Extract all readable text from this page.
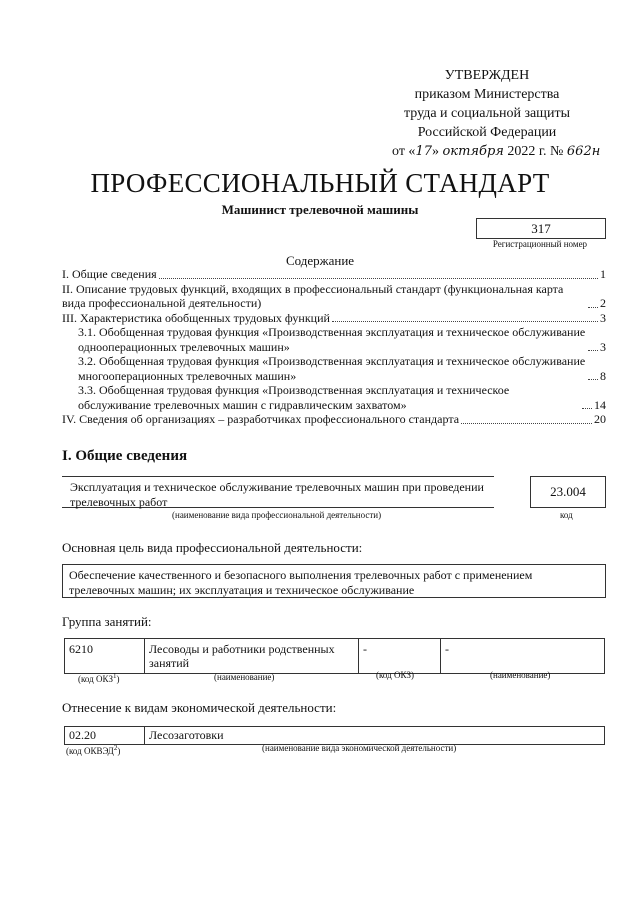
УТВЕРЖДЕН
приказом Министерства
труда и социальной защиты
Российской Федерации
от «17» октября 2022 г. № 662н
ПРОФЕССИОНАЛЬНЫЙ СТАНДАРТ
Машинист трелевочной машины
317
Регистрационный номер
Содержание
I. Общие сведения	1
II. Описание трудовых функций, входящих в профессиональный стандарт (функциональная карта вида профессиональной деятельности)	2
III. Характеристика обобщенных трудовых функций	3
3.1. Обобщенная трудовая функция «Производственная эксплуатация и техническое обслуживание однооперационных трелевочных машин»	3
3.2. Обобщенная трудовая функция «Производственная эксплуатация и техническое обслуживание многооперационных трелевочных машин»	8
3.3. Обобщенная трудовая функция «Производственная эксплуатация и техническое обслуживание трелевочных машин с гидравлическим захватом»	14
IV. Сведения об организациях – разработчиках профессионального стандарта	20
I. Общие сведения
Эксплуатация и техническое обслуживание трелевочных машин при проведении трелевочных работ
23.004
(наименование вида профессиональной деятельности)	код
Основная цель вида профессиональной деятельности:
Обеспечение качественного и безопасного выполнения трелевочных работ с применением трелевочных машин; их эксплуатация и техническое обслуживание
Группа занятий:
6210	Лесоводы и работники родственных занятий	-	-
(код ОКЗ$^1$)	(наименование)	(код ОКЗ)	(наименование)
Отнесение к видам экономической деятельности:
02.20	Лесозаготовки
(код ОКВЭД$^2$)	(наименование вида экономической деятельности)
